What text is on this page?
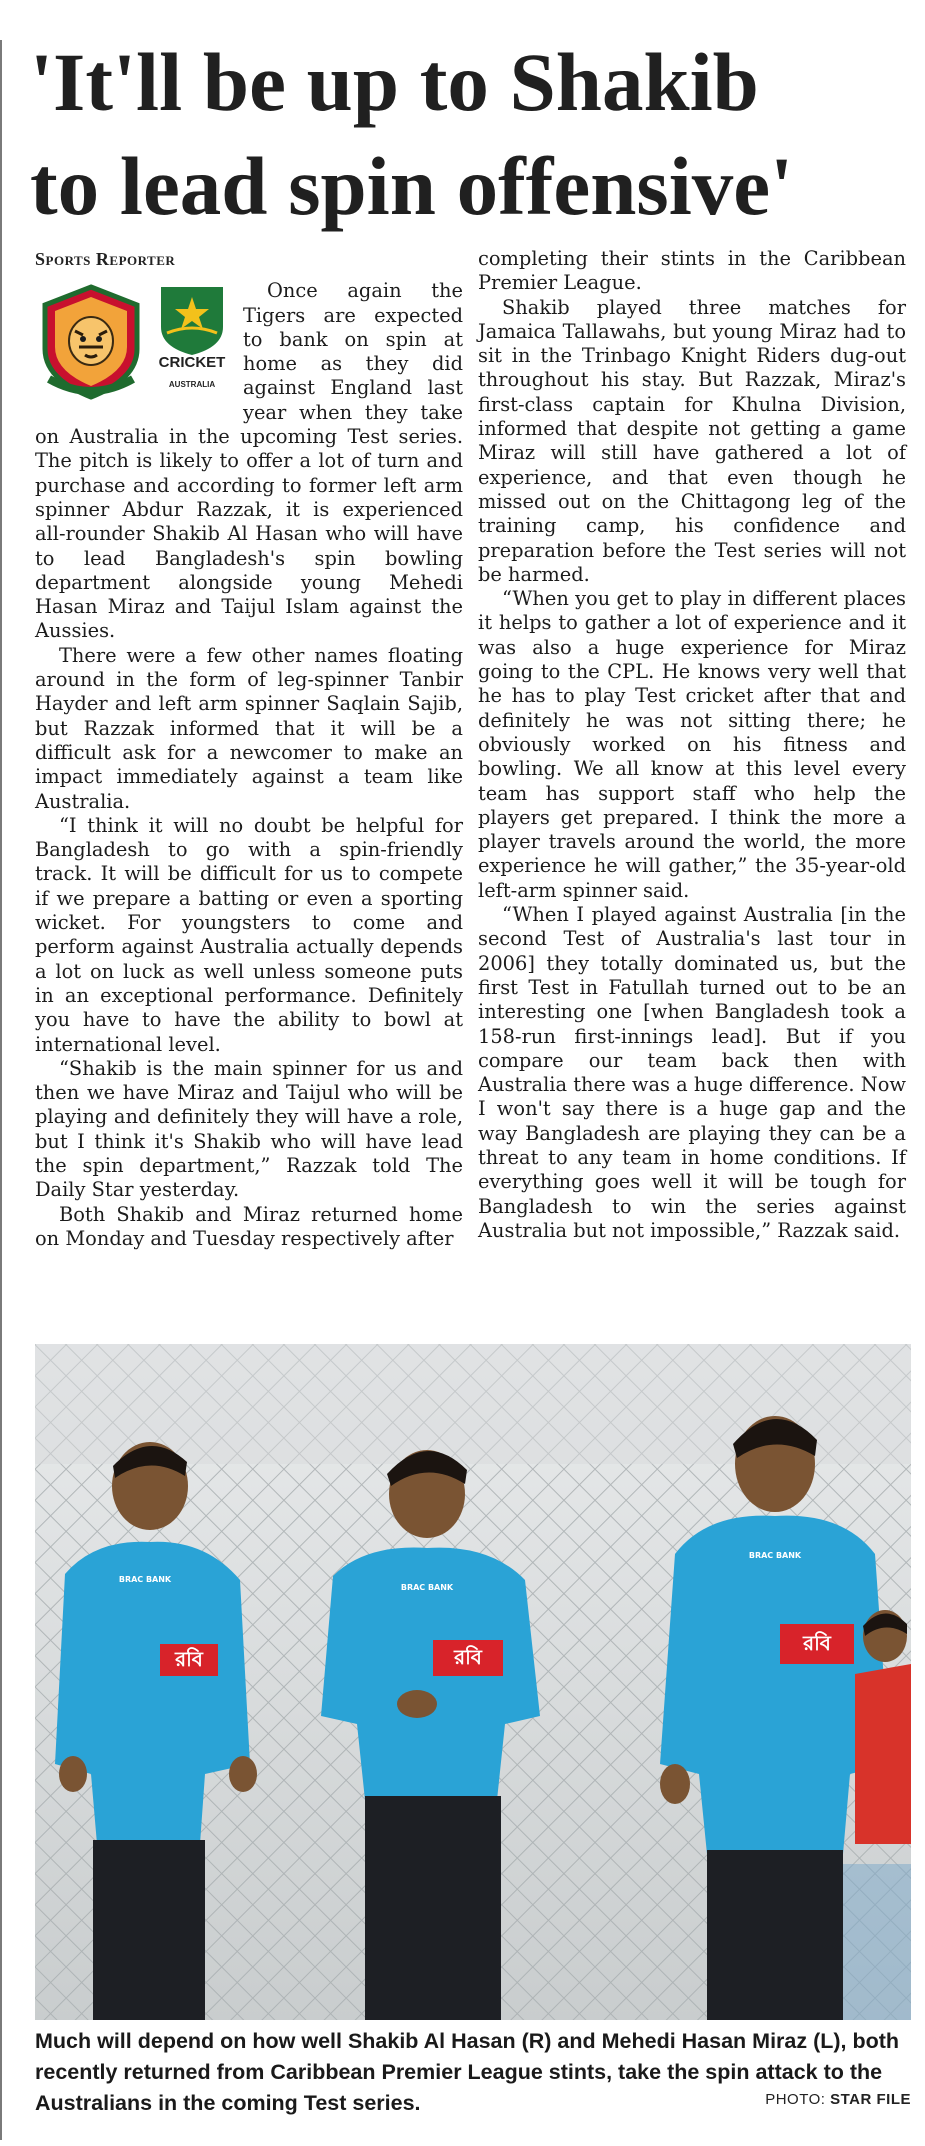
'It'll be up to Shakib
to lead spin offensive'
Sports Reporter
CRICKET
AUSTRALIA

Once again the Tigers are expected to bank on spin at home as they did against England last year when they take on Australia in the upcoming Test series. The pitch is likely to offer a lot of turn and purchase and according to former left arm spinner Abdur Razzak, it is experienced all-rounder Shakib Al Hasan who will have to lead Bangladesh's spin bowling department alongside young Mehedi Hasan Miraz and Taijul Islam against the Aussies.

There were a few other names floating around in the form of leg-spinner Tanbir Hayder and left arm spinner Saqlain Sajib, but Razzak informed that it will be a difficult ask for a newcomer to make an impact immediately against a team like Australia.

“I think it will no doubt be helpful for Bangladesh to go with a spin-friendly track. It will be difficult for us to compete if we prepare a batting or even a sporting wicket. For youngsters to come and perform against Australia actually depends a lot on luck as well unless someone puts in an exceptional performance. Definitely you have to have the ability to bowl at international level.

“Shakib is the main spinner for us and then we have Miraz and Taijul who will be playing and definitely they will have a role, but I think it's Shakib who will have lead the spin department,” Razzak told The Daily Star yesterday.

Both Shakib and Miraz returned home on Monday and Tuesday respectively after

completing their stints in the Caribbean Premier League.

Shakib played three matches for Jamaica Tallawahs, but young Miraz had to sit in the Trinbago Knight Riders dug-out throughout his stay. But Razzak, Miraz's first-class captain for Khulna Division, informed that despite not getting a game Miraz will still have gathered a lot of experience, and that even though he missed out on the Chittagong leg of the training camp, his confidence and preparation before the Test series will not be harmed.

“When you get to play in different places it helps to gather a lot of experience and it was also a huge experience for Miraz going to the CPL. He knows very well that he has to play Test cricket after that and definitely he was not sitting there; he obviously worked on his fitness and bowling. We all know at this level every team has support staff who help the players get prepared. I think the more a player travels around the world, the more experience he will gather,” the 35-year-old left-arm spinner said.

“When I played against Australia [in the second Test of Australia's last tour in 2006] they totally dominated us, but the first Test in Fatullah turned out to be an interesting one [when Bangladesh took a 158-run first-innings lead]. But if you compare our team back then with Australia there was a huge difference. Now I won't say there is a huge gap and the way Bangladesh are playing they can be a threat to any team in home conditions. If everything goes well it will be tough for Bangladesh to win the series against Australia but not impossible,” Razzak said.

রবি	রবি
রবি
BRAC BANK
BRAC BANK
BRAC BANK
Much will depend on how well Shakib Al Hasan (R) and Mehedi Hasan Miraz (L), both recently returned from Caribbean Premier League stints, take the spin attack to the Australians in the coming Test series.	PHOTO: STAR FILE
